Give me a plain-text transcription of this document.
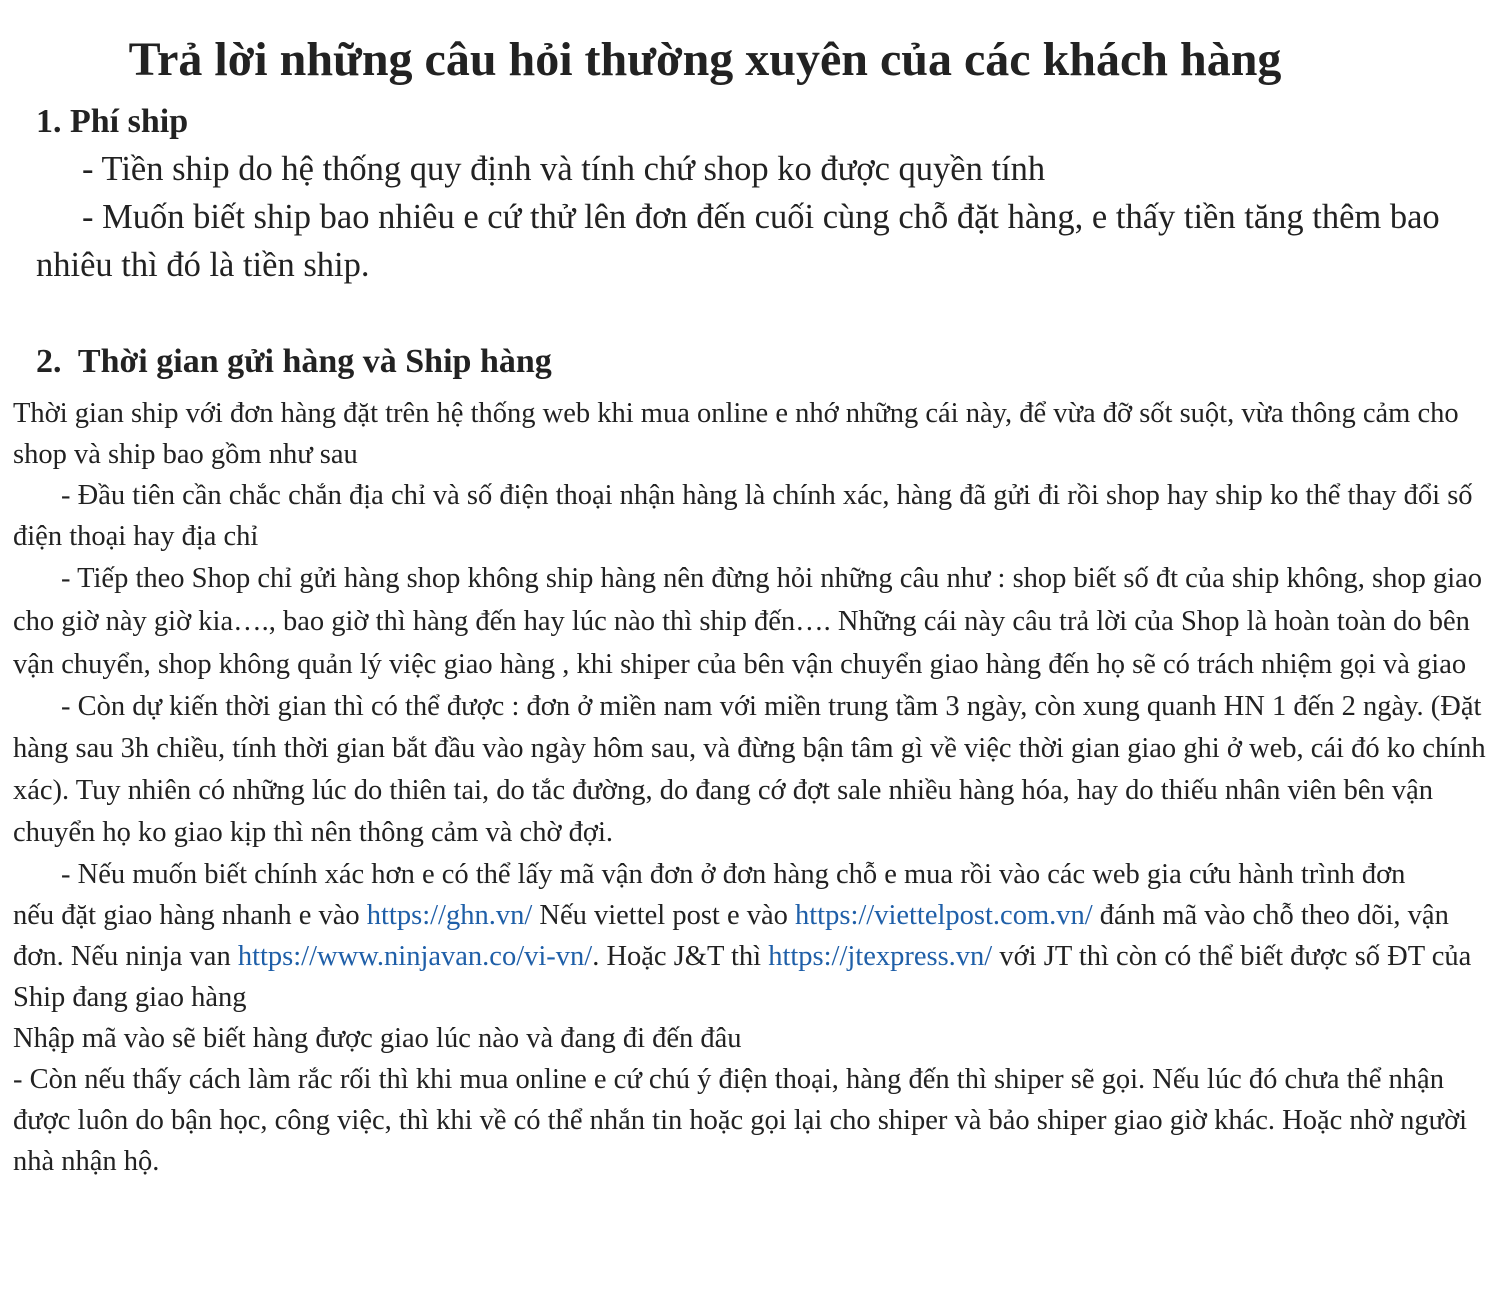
Trả lời những câu hỏi thường xuyên của các khách hàng
1. Phí ship

- Tiền ship do hệ thống quy định và tính chứ shop ko được quyền tính

- Muốn biết ship bao nhiêu e cứ thử lên đơn đến cuối cùng chỗ đặt hàng, e thấy tiền tăng thêm bao nhiêu thì đó là tiền ship.

2.  Thời gian gửi hàng và Ship hàng

Thời gian ship với đơn hàng đặt trên hệ thống web khi mua online e nhớ những cái này, để vừa đỡ sốt suột, vừa thông cảm cho shop và ship bao gồm như sau

- Đầu tiên cần chắc chắn địa chỉ và số điện thoại nhận hàng là chính xác, hàng đã gửi đi rồi shop hay ship ko thể thay đổi số điện thoại hay địa chỉ

- Tiếp theo Shop chỉ gửi hàng shop không ship hàng nên đừng hỏi những câu như : shop biết số đt của ship không, shop giao cho giờ này giờ kia…., bao giờ thì hàng đến hay lúc nào thì ship đến…. Những cái này câu trả lời của Shop là hoàn toàn do bên vận chuyển, shop không quản lý việc giao hàng , khi shiper của bên vận chuyển giao hàng đến họ sẽ có trách nhiệm gọi và giao

- Còn dự kiến thời gian thì có thể được : đơn ở miền nam với miền trung tầm 3 ngày, còn xung quanh HN 1 đến 2 ngày. (Đặt hàng sau 3h chiều, tính thời gian bắt đầu vào ngày hôm sau, và đừng bận tâm gì về việc thời gian giao ghi ở web, cái đó ko chính xác). Tuy nhiên có những lúc do thiên tai, do tắc đường, do đang cớ đợt sale nhiều hàng hóa, hay do thiếu nhân viên bên vận chuyển họ ko giao kịp thì nên thông cảm và chờ đợi.

- Nếu muốn biết chính xác hơn e có thể lấy mã vận đơn ở đơn hàng chỗ e mua rồi vào các web gia cứu hành trình đơn

nếu đặt giao hàng nhanh e vào https://ghn.vn/ Nếu viettel post e vào https://viettelpost.com.vn/ đánh mã vào chỗ theo dõi, vận đơn. Nếu ninja van https://www.ninjavan.co/vi-vn/. Hoặc J&T thì https://jtexpress.vn/ với JT thì còn có thể biết được số ĐT của Ship đang giao hàng

Nhập mã vào sẽ biết hàng được giao lúc nào và đang đi đến đâu

- Còn nếu thấy cách làm rắc rối thì khi mua online e cứ chú ý điện thoại, hàng đến thì shiper sẽ gọi. Nếu lúc đó chưa thể nhận được luôn do bận học, công việc, thì khi về có thể nhắn tin hoặc gọi lại cho shiper và bảo shiper giao giờ khác. Hoặc nhờ người nhà nhận hộ.
